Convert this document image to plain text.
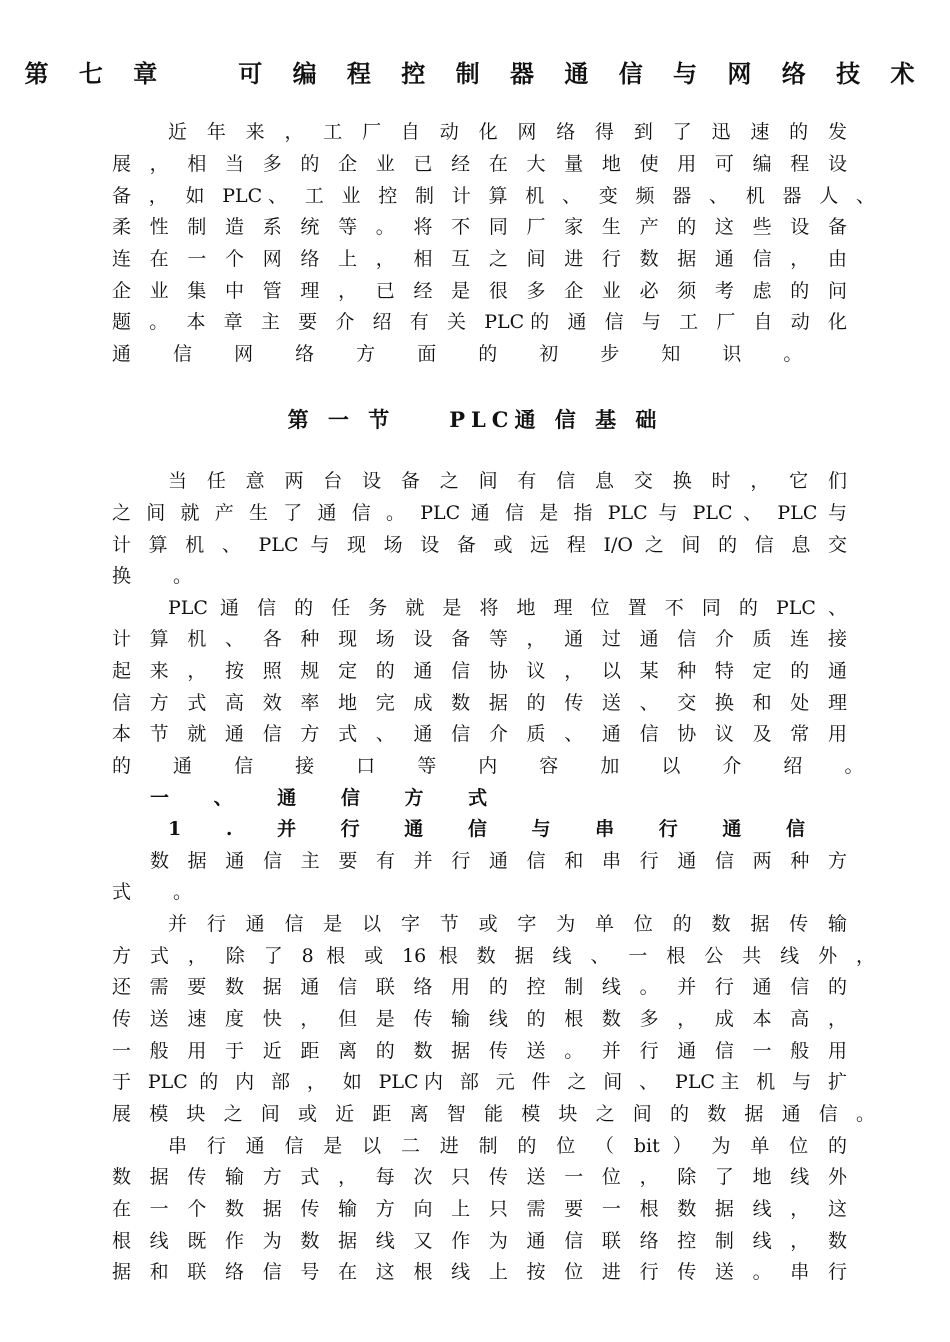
第 七 章　　可 编 程 控 制 器 通 信 与 网 络 技 术
近 年 来 ， 工 厂 自 动 化 网 络 得 到 了 迅 速 的 发
展 ， 相 当 多 的 企 业 已 经 在 大 量 地 使 用 可 编 程 设
备 ， 如 PLC、 工 业 控 制 计 算 机 、 变 频 器 、 机 器 人 、
柔 性 制 造 系 统 等 。 将 不 同 厂 家 生 产 的 这 些 设 备
连 在 一 个 网 络 上 ， 相 互 之 间 进 行 数 据 通 信 ， 由
企 业 集 中 管 理 ， 已 经 是 很 多 企 业 必 须 考 虑 的 问
题 。 本 章 主 要 介 绍 有 关 PLC的 通 信 与 工 厂 自 动 化
通 信 网 络 方 面 的 初 步 知 识 。
第 一 节　　PLC通 信 基 础
当 任 意 两 台 设 备 之 间 有 信 息 交 换 时 ， 它 们
之 间 就 产 生 了 通 信 。 PLC 通 信 是 指 PLC 与 PLC 、 PLC 与
计 算 机 、 PLC 与 现 场 设 备 或 远 程 I/O 之 间 的 信 息 交
换 。
PLC 通 信 的 任 务 就 是 将 地 理 位 置 不 同 的 PLC 、
计 算 机 、 各 种 现 场 设 备 等 ， 通 过 通 信 介 质 连 接
起 来 ， 按 照 规 定 的 通 信 协 议 ， 以 某 种 特 定 的 通
信 方 式 高 效 率 地 完 成 数 据 的 传 送 、 交 换 和 处 理
本 节 就 通 信 方 式 、 通 信 介 质 、 通 信 协 议 及 常 用
的 通 信 接 口 等 内 容 加 以 介 绍 。
一 、 通 信 方 式
1 . 并 行 通 信 与 串 行 通 信
数 据 通 信 主 要 有 并 行 通 信 和 串 行 通 信 两 种 方
式 。
并 行 通 信 是 以 字 节 或 字 为 单 位 的 数 据 传 输
方 式 ， 除 了 8 根 或 16 根 数 据 线 、 一 根 公 共 线 外 ，
还 需 要 数 据 通 信 联 络 用 的 控 制 线 。 并 行 通 信 的
传 送 速 度 快 ， 但 是 传 输 线 的 根 数 多 ， 成 本 高 ，
一 般 用 于 近 距 离 的 数 据 传 送 。 并 行 通 信 一 般 用
于 PLC 的 内 部 ， 如 PLC内 部 元 件 之 间 、 PLC主 机 与 扩
展 模 块 之 间 或 近 距 离 智 能 模 块 之 间 的 数 据 通 信 。
串 行 通 信 是 以 二 进 制 的 位 （ bit ） 为 单 位 的
数 据 传 输 方 式 ， 每 次 只 传 送 一 位 ， 除 了 地 线 外
在 一 个 数 据 传 输 方 向 上 只 需 要 一 根 数 据 线 ， 这
根 线 既 作 为 数 据 线 又 作 为 通 信 联 络 控 制 线 ， 数
据 和 联 络 信 号 在 这 根 线 上 按 位 进 行 传 送 。 串 行
